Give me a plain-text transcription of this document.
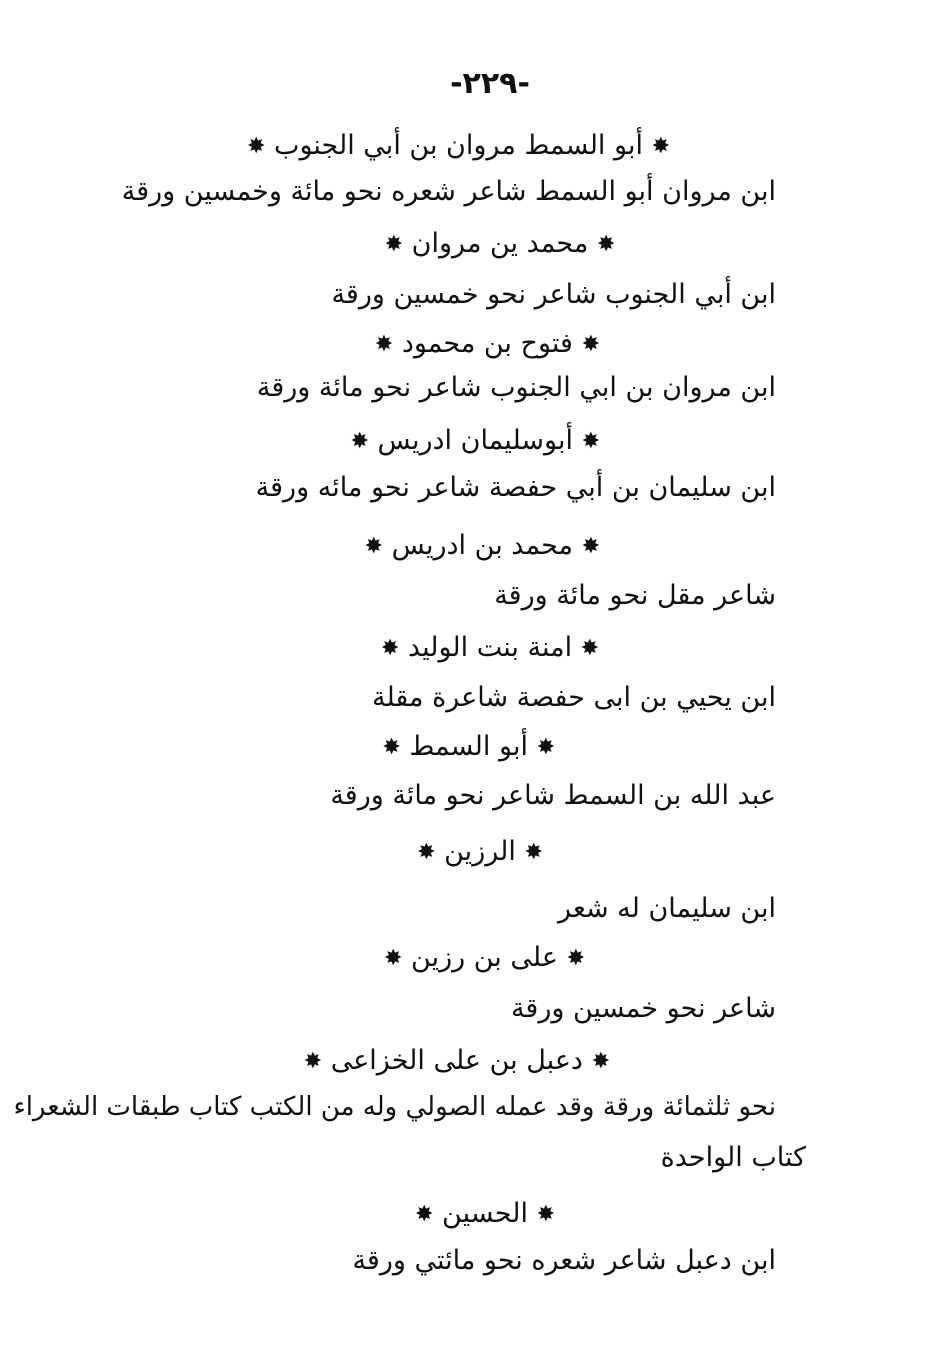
-٢٢٩-
✸ أبو السمط مروان بن أبي الجنوب ✸
ابن مروان أبو السمط شاعر شعره نحو مائة وخمسين ورقة
✸ محمد ين مروان ✸
ابن أبي الجنوب شاعر نحو خمسين ورقة
✸ فتوح بن محمود ✸
ابن مروان بن ابي الجنوب شاعر نحو مائة ورقة
✸ أبوسليمان ادريس ✸
ابن سليمان بن أبي حفصة شاعر نحو مائه ورقة
✸ محمد بن ادريس ✸
شاعر مقل نحو مائة ورقة
✸ امنة بنت الوليد ✸
ابن يحيي بن ابى حفصة شاعرة مقلة
✸ أبو السمط ✸
عبد الله بن السمط شاعر نحو مائة ورقة
✸ الرزين ✸
ابن سليمان له شعر
✸ على بن رزين ✸
شاعر نحو خمسين ورقة
✸ دعبل بن على الخزاعى ✸
نحو ثلثمائة ورقة وقد عمله الصولي وله من الكتب كتاب طبقات الشعراء
كتاب الواحدة
✸ الحسين ✸
ابن دعبل شاعر شعره نحو مائتي ورقة
